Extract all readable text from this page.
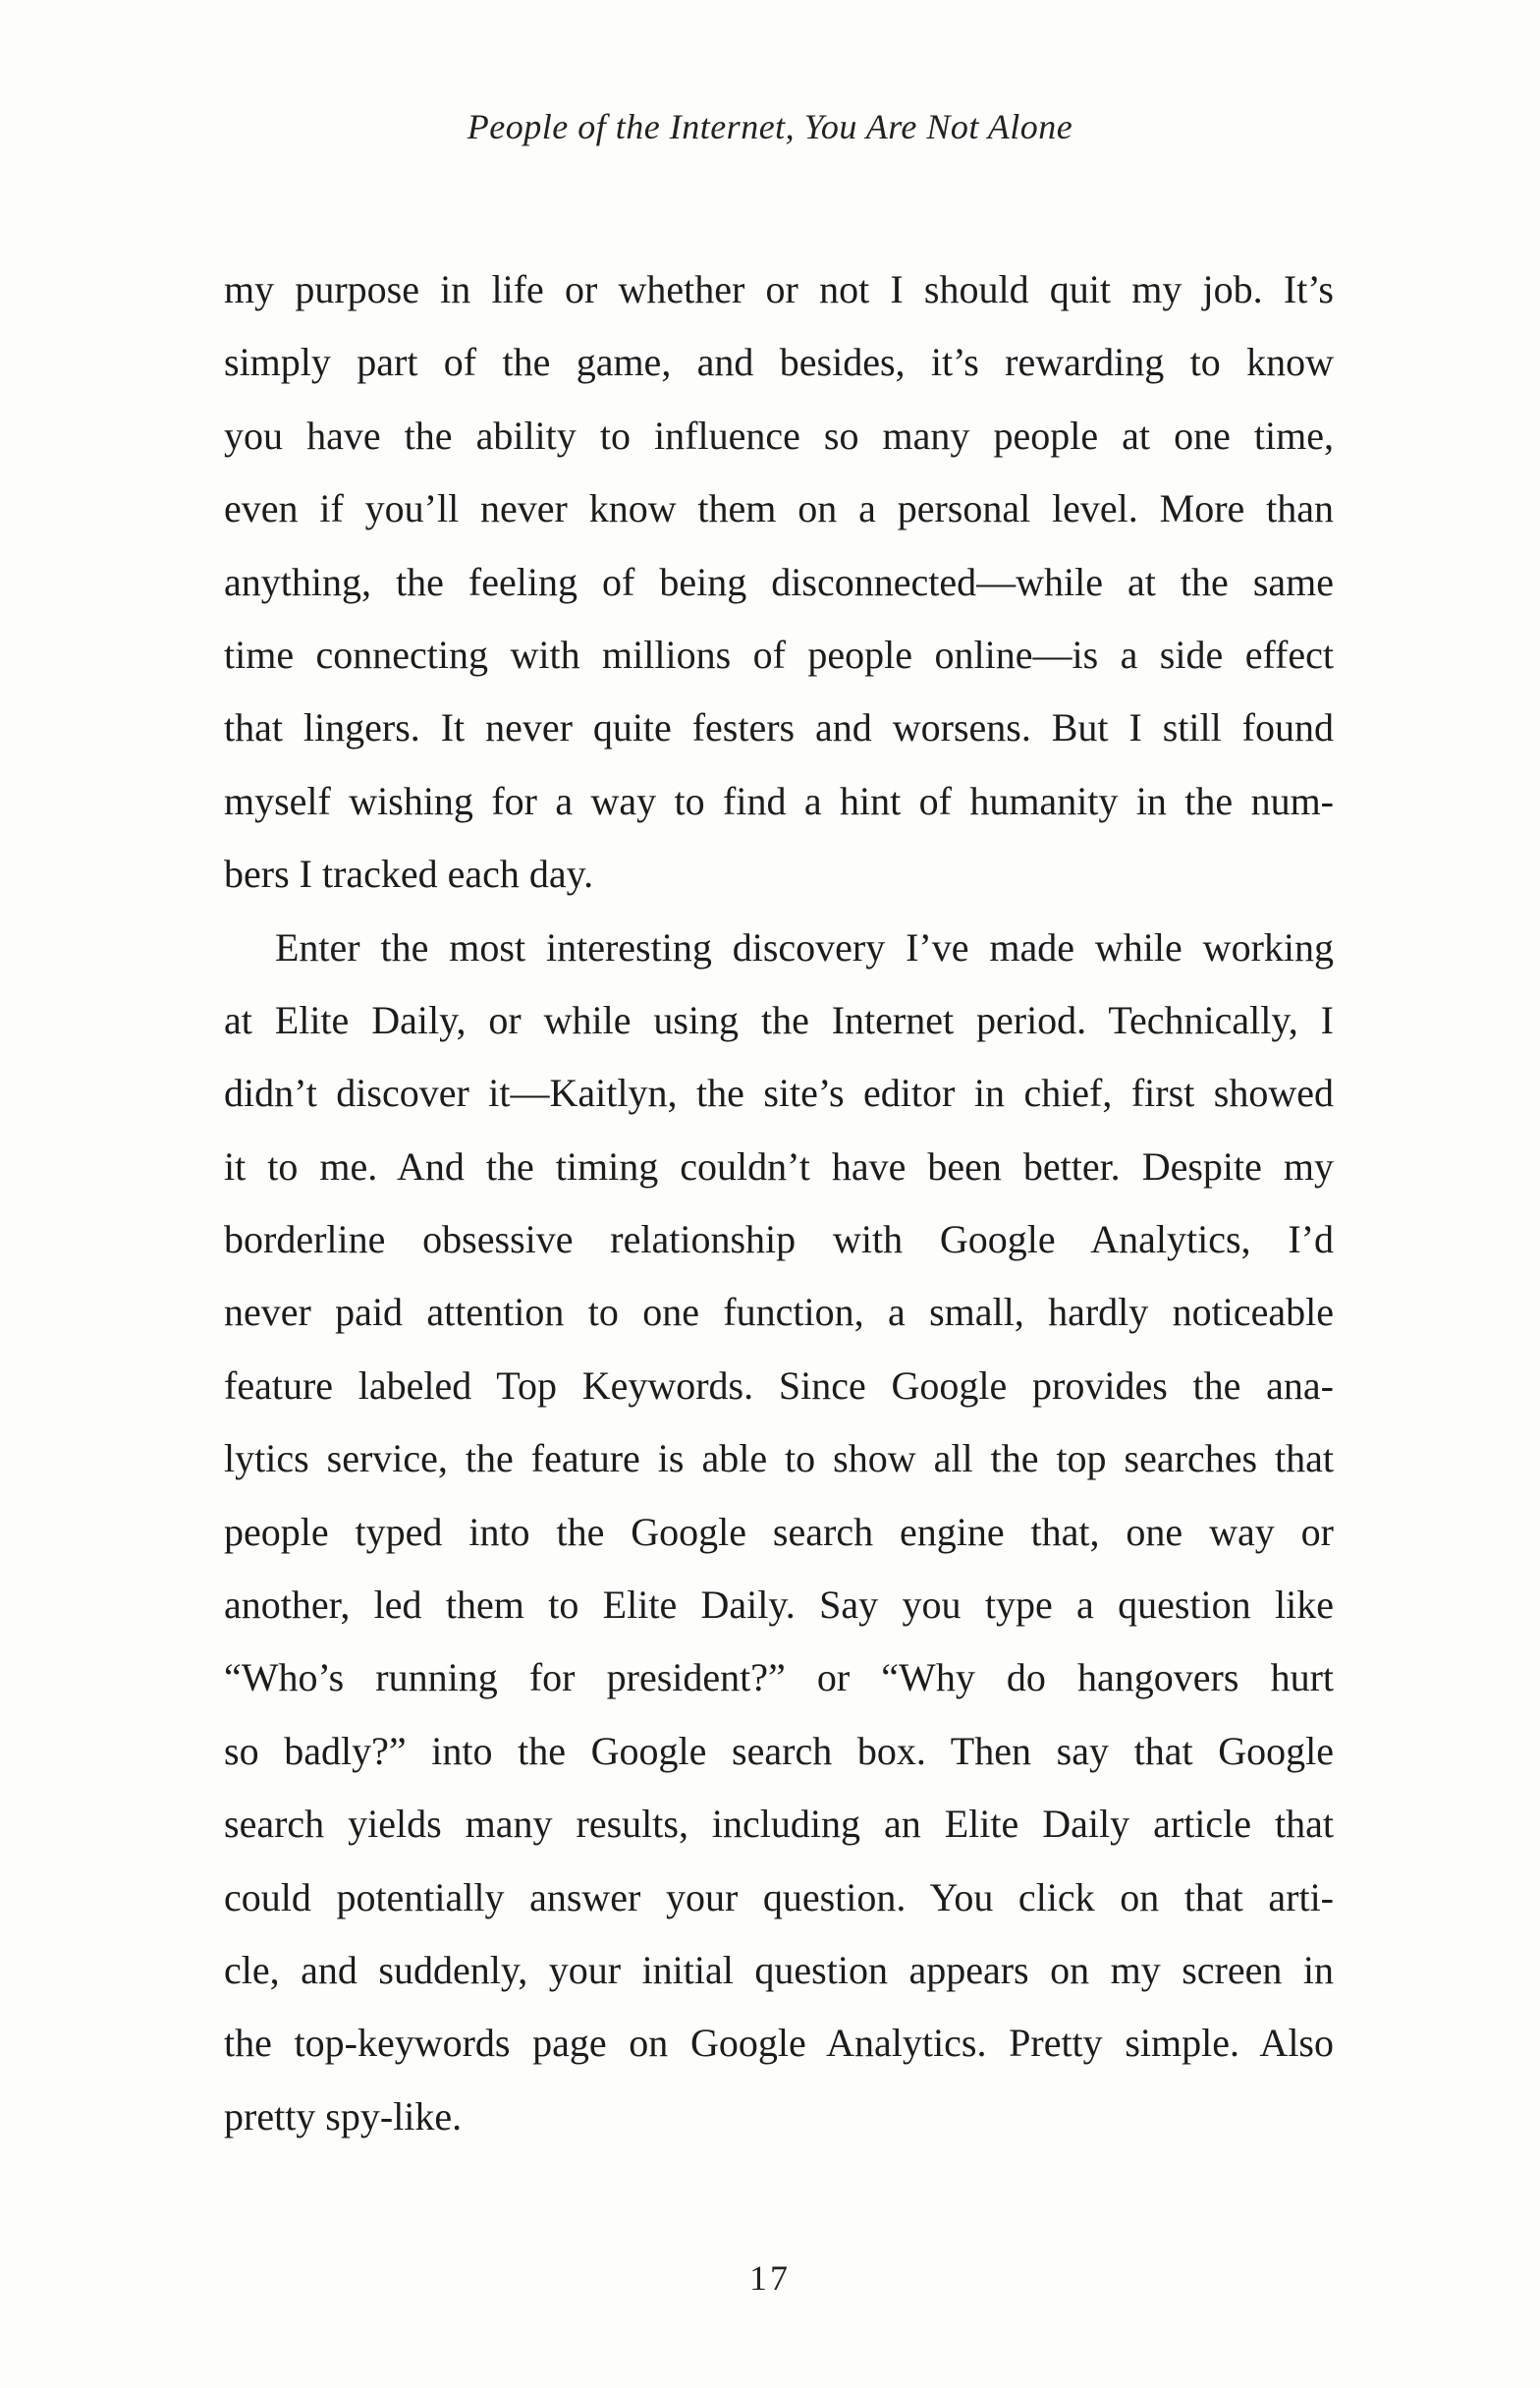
People of the Internet, You Are Not Alone
my purpose in life or whether or not I should quit my job. It’s
simply part of the game, and besides, it’s rewarding to know
you have the ability to influence so many people at one time,
even if you’ll never know them on a personal level. More than
anything, the feeling of being disconnected—while at the same
time connecting with millions of people online—is a side effect
that lingers. It never quite festers and worsens. But I still found
myself wishing for a way to find a hint of humanity in the num-
bers I tracked each day.
Enter the most interesting discovery I’ve made while working
at Elite Daily, or while using the Internet period. Technically, I
didn’t discover it—Kaitlyn, the site’s editor in chief, first showed
it to me. And the timing couldn’t have been better. Despite my
borderline obsessive relationship with Google Analytics, I’d
never paid attention to one function, a small, hardly noticeable
feature labeled Top Keywords. Since Google provides the ana-
lytics service, the feature is able to show all the top searches that
people typed into the Google search engine that, one way or
another, led them to Elite Daily. Say you type a question like
“Who’s running for president?” or “Why do hangovers hurt
so badly?” into the Google search box. Then say that Google
search yields many results, including an Elite Daily article that
could potentially answer your question. You click on that arti-
cle, and suddenly, your initial question appears on my screen in
the top-keywords page on Google Analytics. Pretty simple. Also
pretty spy-like.
17
